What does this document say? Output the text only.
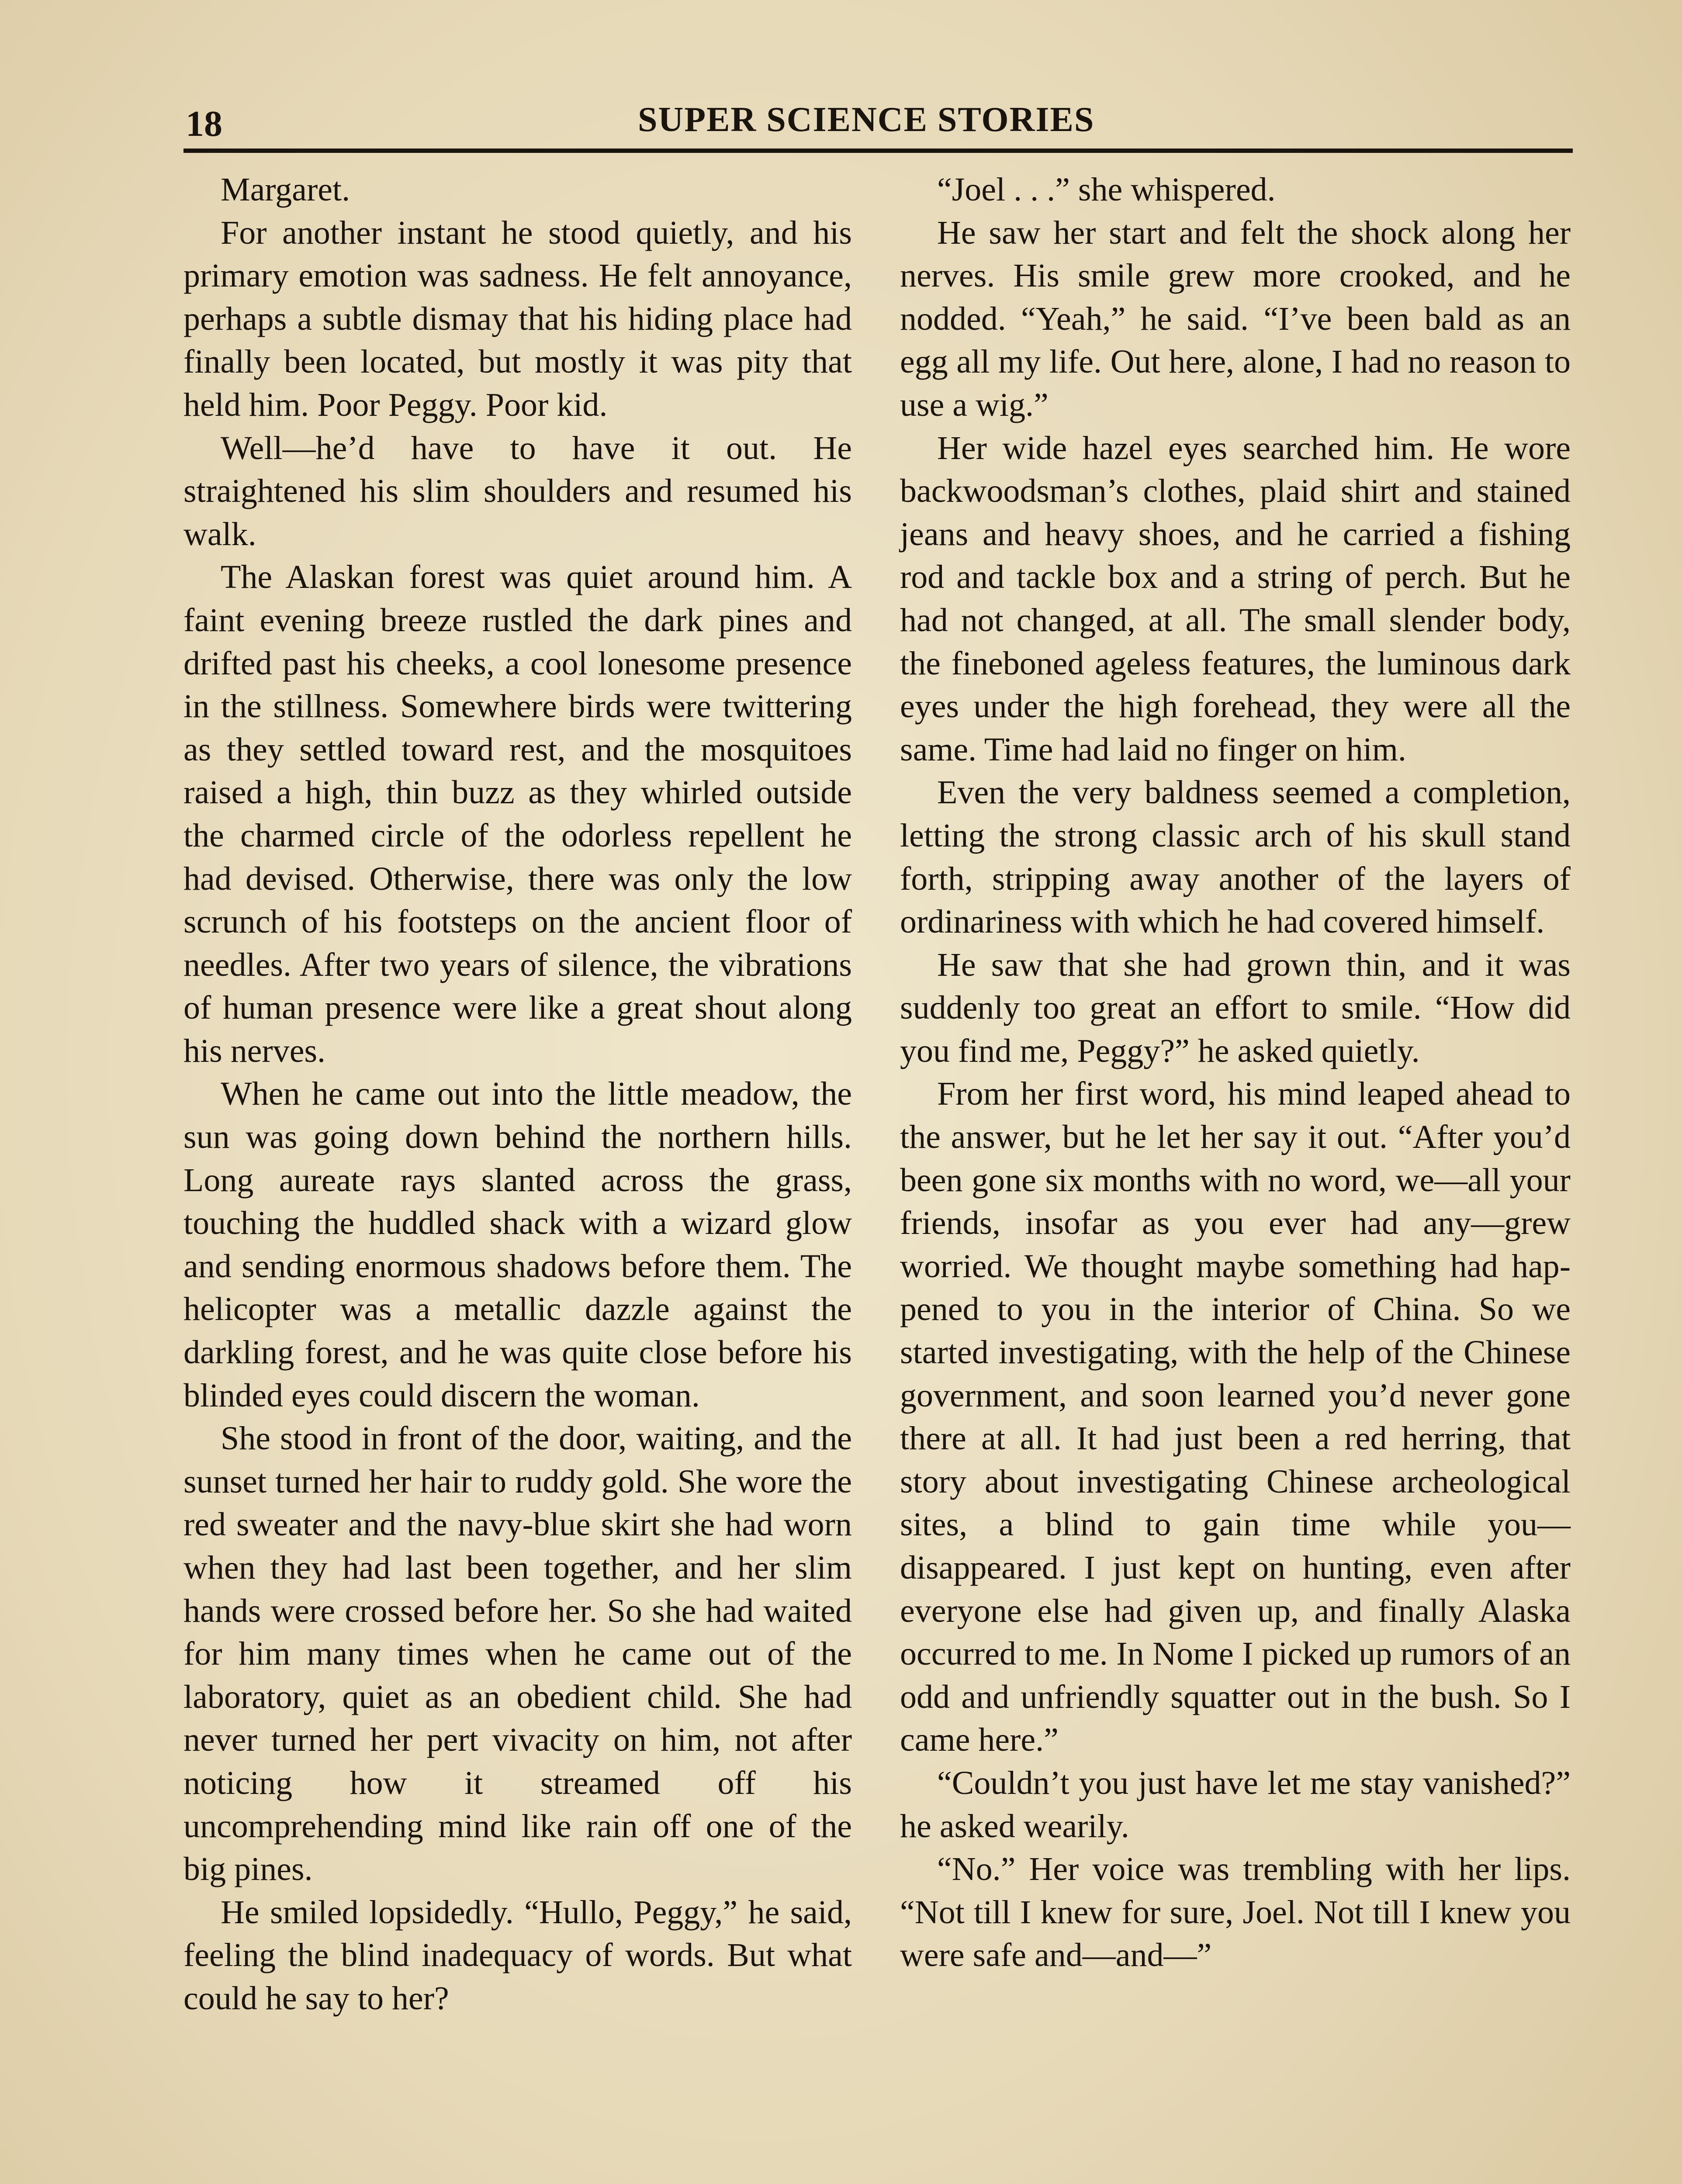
18	SUPER SCIENCE STORIES

Margaret.

For another instant he stood quietly, and his primary emotion was sadness. He felt annoyance, perhaps a subtle dismay that his hiding place had finally been located, but mostly it was pity that held him. Poor Peggy. Poor kid.

Well—he’d have to have it out. He straightened his slim shoulders and resumed his walk.

The Alaskan forest was quiet around him. A faint evening breeze rustled the dark pines and drifted past his cheeks, a cool lonesome presence in the stillness. Somewhere birds were twittering as they settled toward rest, and the mosquitoes raised a high, thin buzz as they whirled outside the charmed circle of the odorless repellent he had devised. Otherwise, there was only the low scrunch of his footsteps on the ancient floor of needles. After two years of silence, the vibrations of human presence were like a great shout along his nerves.

When he came out into the little meadow, the sun was going down behind the northern hills. Long aureate rays slanted across the grass, touching the huddled shack with a wizard glow and sending enormous shadows before them. The helicopter was a metallic dazzle against the darkling forest, and he was quite close before his blinded eyes could discern the woman.

She stood in front of the door, waiting, and the sunset turned her hair to ruddy gold. She wore the red sweater and the navy-blue skirt she had worn when they had last been together, and her slim hands were crossed before her. So she had waited for him many times when he came out of the laboratory, quiet as an obedient child. She had never turned her pert vivacity on him, not after noticing how it streamed off his uncomprehending mind like rain off one of the big pines.

He smiled lopsidedly. “Hullo, Peggy,” he said, feeling the blind inadequacy of words. But what could he say to her?

“Joel . . .” she whispered.

He saw her start and felt the shock along her nerves. His smile grew more crooked, and he nodded. “Yeah,” he said. “I’ve been bald as an egg all my life. Out here, alone, I had no reason to use a wig.”

Her wide hazel eyes searched him. He wore backwoodsman’s clothes, plaid shirt and stained jeans and heavy shoes, and he carried a fishing rod and tackle box and a string of perch. But he had not changed, at all. The small slender body, the fineboned ageless features, the luminous dark eyes under the high forehead, they were all the same. Time had laid no finger on him.

Even the very baldness seemed a completion, letting the strong classic arch of his skull stand forth, stripping away another of the layers of ordinariness with which he had covered himself.

He saw that she had grown thin, and it was suddenly too great an effort to smile. “How did you find me, Peggy?” he asked quietly.

From her first word, his mind leaped ahead to the answer, but he let her say it out. “After you’d been gone six months with no word, we—all your friends, insofar as you ever had any—grew worried. We thought maybe something had happened to you in the interior of China. So we started investigating, with the help of the Chinese government, and soon learned you’d never gone there at all. It had just been a red herring, that story about investigating Chinese archeological sites, a blind to gain time while you—disappeared. I just kept on hunting, even after everyone else had given up, and finally Alaska occurred to me. In Nome I picked up rumors of an odd and unfriendly squatter out in the bush. So I came here.”

“Couldn’t you just have let me stay vanished?” he asked wearily.

“No.” Her voice was trembling with her lips. “Not till I knew for sure, Joel. Not till I knew you were safe and—and—”
